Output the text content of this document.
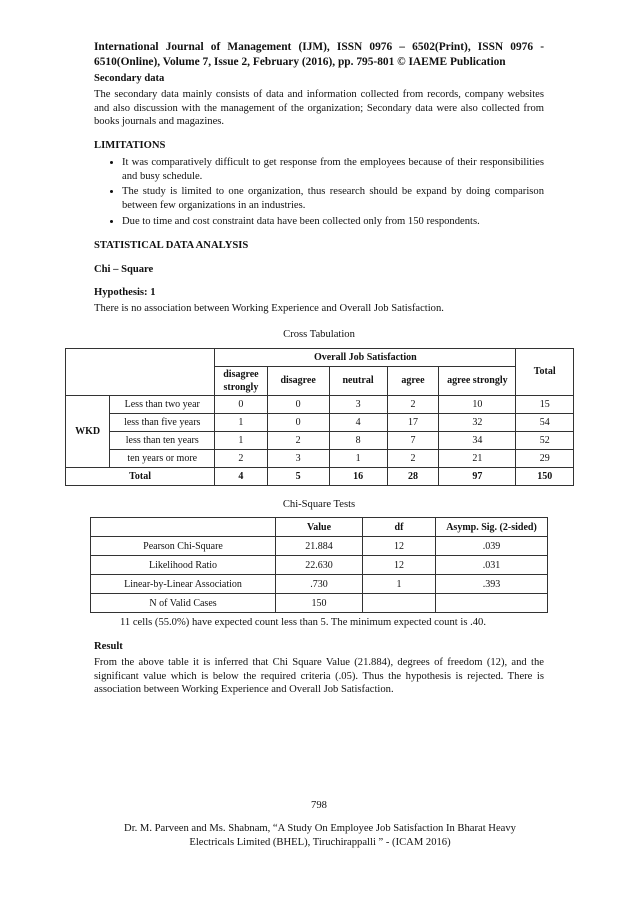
International Journal of Management (IJM), ISSN 0976 – 6502(Print), ISSN 0976 - 6510(Online), Volume 7, Issue 2, February (2016), pp. 795-801 © IAEME Publication
Secondary data

The secondary data mainly consists of data and information collected from records, company websites and also discussion with the management of the organization; Secondary data were also collected from books journals and magazines.

LIMITATIONS
• It was comparatively difficult to get response from the employees because of their responsibilities and busy schedule.
• The study is limited to one organization, thus research should be expand by doing comparison between few organizations in an industries.
• Due to time and cost constraint data have been collected only from 150 respondents.
STATISTICAL DATA ANALYSIS
Chi – Square
Hypothesis: 1

There is no association between Working Experience and Overall Job Satisfaction.

Cross Tabulation
		Overall Job Satisfaction					Total
		disagree strongly	disagree	neutral	agree	agree strongly	
WKD	Less than two year	0	0	3	2	10	15
	less than five years	1	0	4	17	32	54
	less than ten years	1	2	8	7	34	52
	ten years or more	2	3	1	2	21	29
Total		4	5	16	28	97	150
Chi-Square Tests
	Value	df	Asymp. Sig. (2-sided)
Pearson Chi-Square	21.884	12	.039
Likelihood Ratio	22.630	12	.031
Linear-by-Linear Association	.730	1	.393
N of Valid Cases	150		
11 cells (55.0%) have expected count less than 5. The minimum expected count is .40.
Result

From the above table it is inferred that Chi Square Value (21.884), degrees of freedom (12), and the significant value which is below the required criteria (.05). Thus the hypothesis is rejected. There is association between Working Experience and Overall Job Satisfaction.

798
Dr. M. Parveen and Ms. Shabnam, “A Study On Employee Job Satisfaction In Bharat Heavy
Electricals Limited (BHEL), Tiruchirappalli ” - (ICAM 2016)
